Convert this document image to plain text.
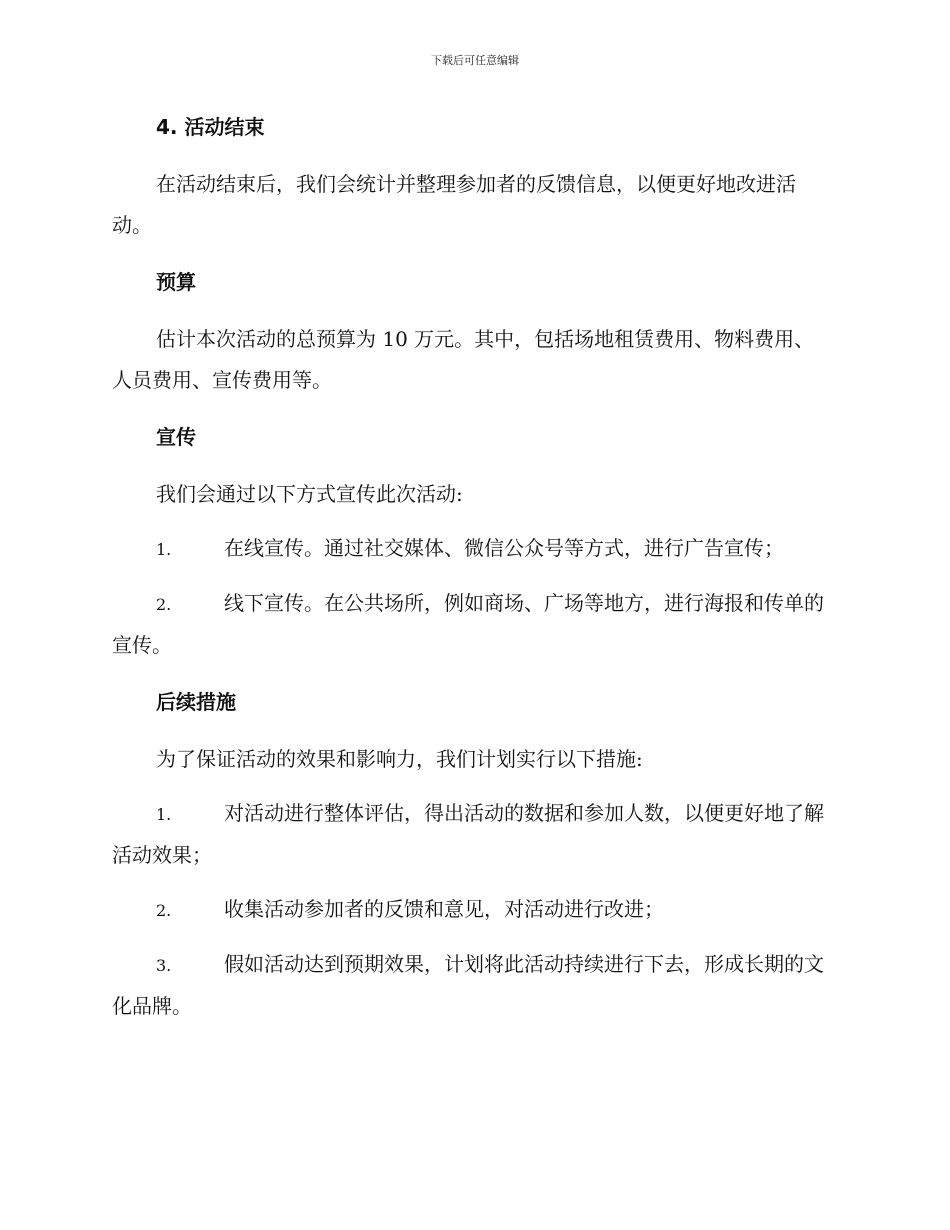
下载后可任意编辑
4. 活动结束

在活动结束后，我们会统计并整理参加者的反馈信息，以便更好地改进活动。

预算

估计本次活动的总预算为 10 万元。其中，包括场地租赁费用、物料费用、人员费用、宣传费用等。

宣传

我们会通过以下方式宣传此次活动:

1.	在线宣传。通过社交媒体、微信公众号等方式，进行广告宣传；

2.	线下宣传。在公共场所，例如商场、广场等地方，进行海报和传单的宣传。

后续措施

为了保证活动的效果和影响力，我们计划实行以下措施:

1.	对活动进行整体评估，得出活动的数据和参加人数，以便更好地了解活动效果；

2.	收集活动参加者的反馈和意见，对活动进行改进；

3.	假如活动达到预期效果，计划将此活动持续进行下去，形成长期的文化品牌。
